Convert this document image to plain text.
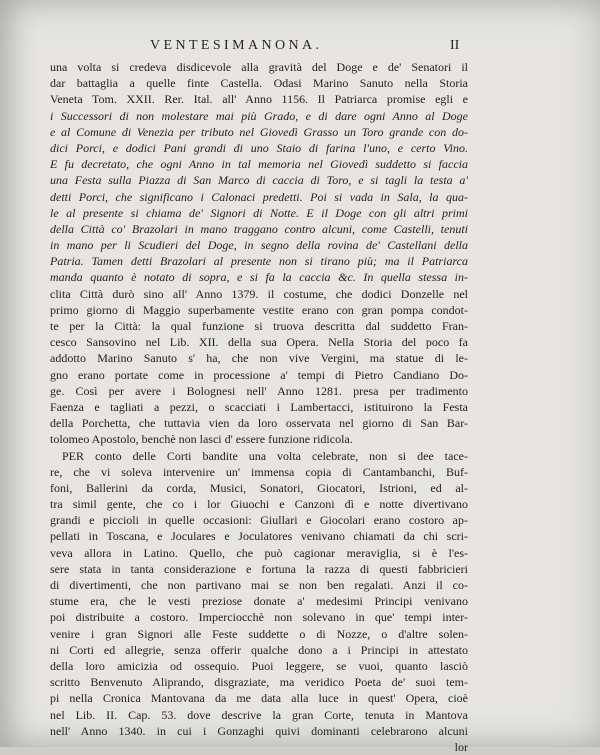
VENTESIMANONA.	II
una volta si credeva disdicevole alla gravità del Doge e de' Senatori il
dar battaglia a quelle finte Castella. Odasi Marino Sanuto nella Storia
Veneta Tom. XXII. Rer. Ital. all' Anno 1156. Il Patriarca promise egli e
i Successori di non molestare mai più Grado, e di dare ogni Anno al Doge
e al Comune di Venezia per tributo nel Giovedì Grasso un Toro grande con do-
dici Porci, e dodici Pani grandi di uno Staio di farina l'uno, e certo Vino.
E fu decretato, che ogni Anno in tal memoria nel Giovedì suddetto si faccia
una Festa sulla Piazza di San Marco di caccia di Toro, e si tagli la testa a'
detti Porci, che significano i Calonaci predetti. Poi si vada in Sala, la qua-
le al presente si chiama de' Signori di Notte. E il Doge con gli altri primi
della Città co' Brazolari in mano traggano contro alcuni, come Castelli, tenuti
in mano per li Scudieri del Doge, in segno della rovina de' Castellani della
Patria. Tamen detti Brazolari al presente non si tirano più; ma il Patriarca
manda quanto è notato di sopra, e si fa la caccia &c. In quella stessa in-
clita Città durò sino all' Anno 1379. il costume, che dodici Donzelle nel
primo giorno di Maggio superbamente vestite erano con gran pompa condot-
te per la Città: la qual funzione si truova descritta dal suddetto Fran-
cesco Sansovino nel Lib. XII. della sua Opera. Nella Storia del poco fa
addotto Marino Sanuto s' ha, che non vive Vergini, ma statue di le-
gno erano portate come in processione a' tempi di Pietro Candiano Do-
ge. Così per avere i Bolognesi nell' Anno 1281. presa per tradimento
Faenza e tagliati a pezzi, o scacciati i Lambertacci, istituirono la Festa
della Porchetta, che tuttavia vien da loro osservata nel giorno di San Bar-
tolomeo Apostolo, benchè non lasci d' essere funzione ridicola.
PER conto delle Corti bandite una volta celebrate, non si dee tace-
re, che vi soleva intervenire un' immensa copia di Cantambanchi, Buf-
foni, Ballerini da corda, Musici, Sonatori, Giocatori, Istrioni, ed al-
tra simil gente, che co i lor Giuochi e Canzoni dì e notte divertivano
grandi e piccioli in quelle occasioni: Giullari e Giocolari erano costoro ap-
pellati in Toscana, e Joculares e Joculatores venivano chiamati da chi scri-
veva allora in Latino. Quello, che può cagionar meraviglia, si è l'es-
sere stata in tanta considerazione e fortuna la razza di questi fabbricieri
di divertimenti, che non partivano mai se non ben regalati. Anzi il co-
stume era, che le vesti preziose donate a' medesimi Principi venivano
poi distribuite a costoro. Imperciocchè non solevano in que' tempi inter-
venire i gran Signori alle Feste suddette o di Nozze, o d'altre solen-
ni Corti ed allegrie, senza offerir qualche dono a i Principi in attestato
della loro amicizia od ossequio. Puoi leggere, se vuoi, quanto lasciò
scritto Benvenuto Aliprando, disgraziate, ma veridico Poeta de' suoi tem-
pi nella Cronica Mantovana da me data alla luce in quest' Opera, cioè
nel Lib. II. Cap. 53. dove descrive la gran Corte, tenuta in Mantova
nell' Anno 1340. in cui i Gonzaghi quivi dominanti celebrarono alcuni
lor
